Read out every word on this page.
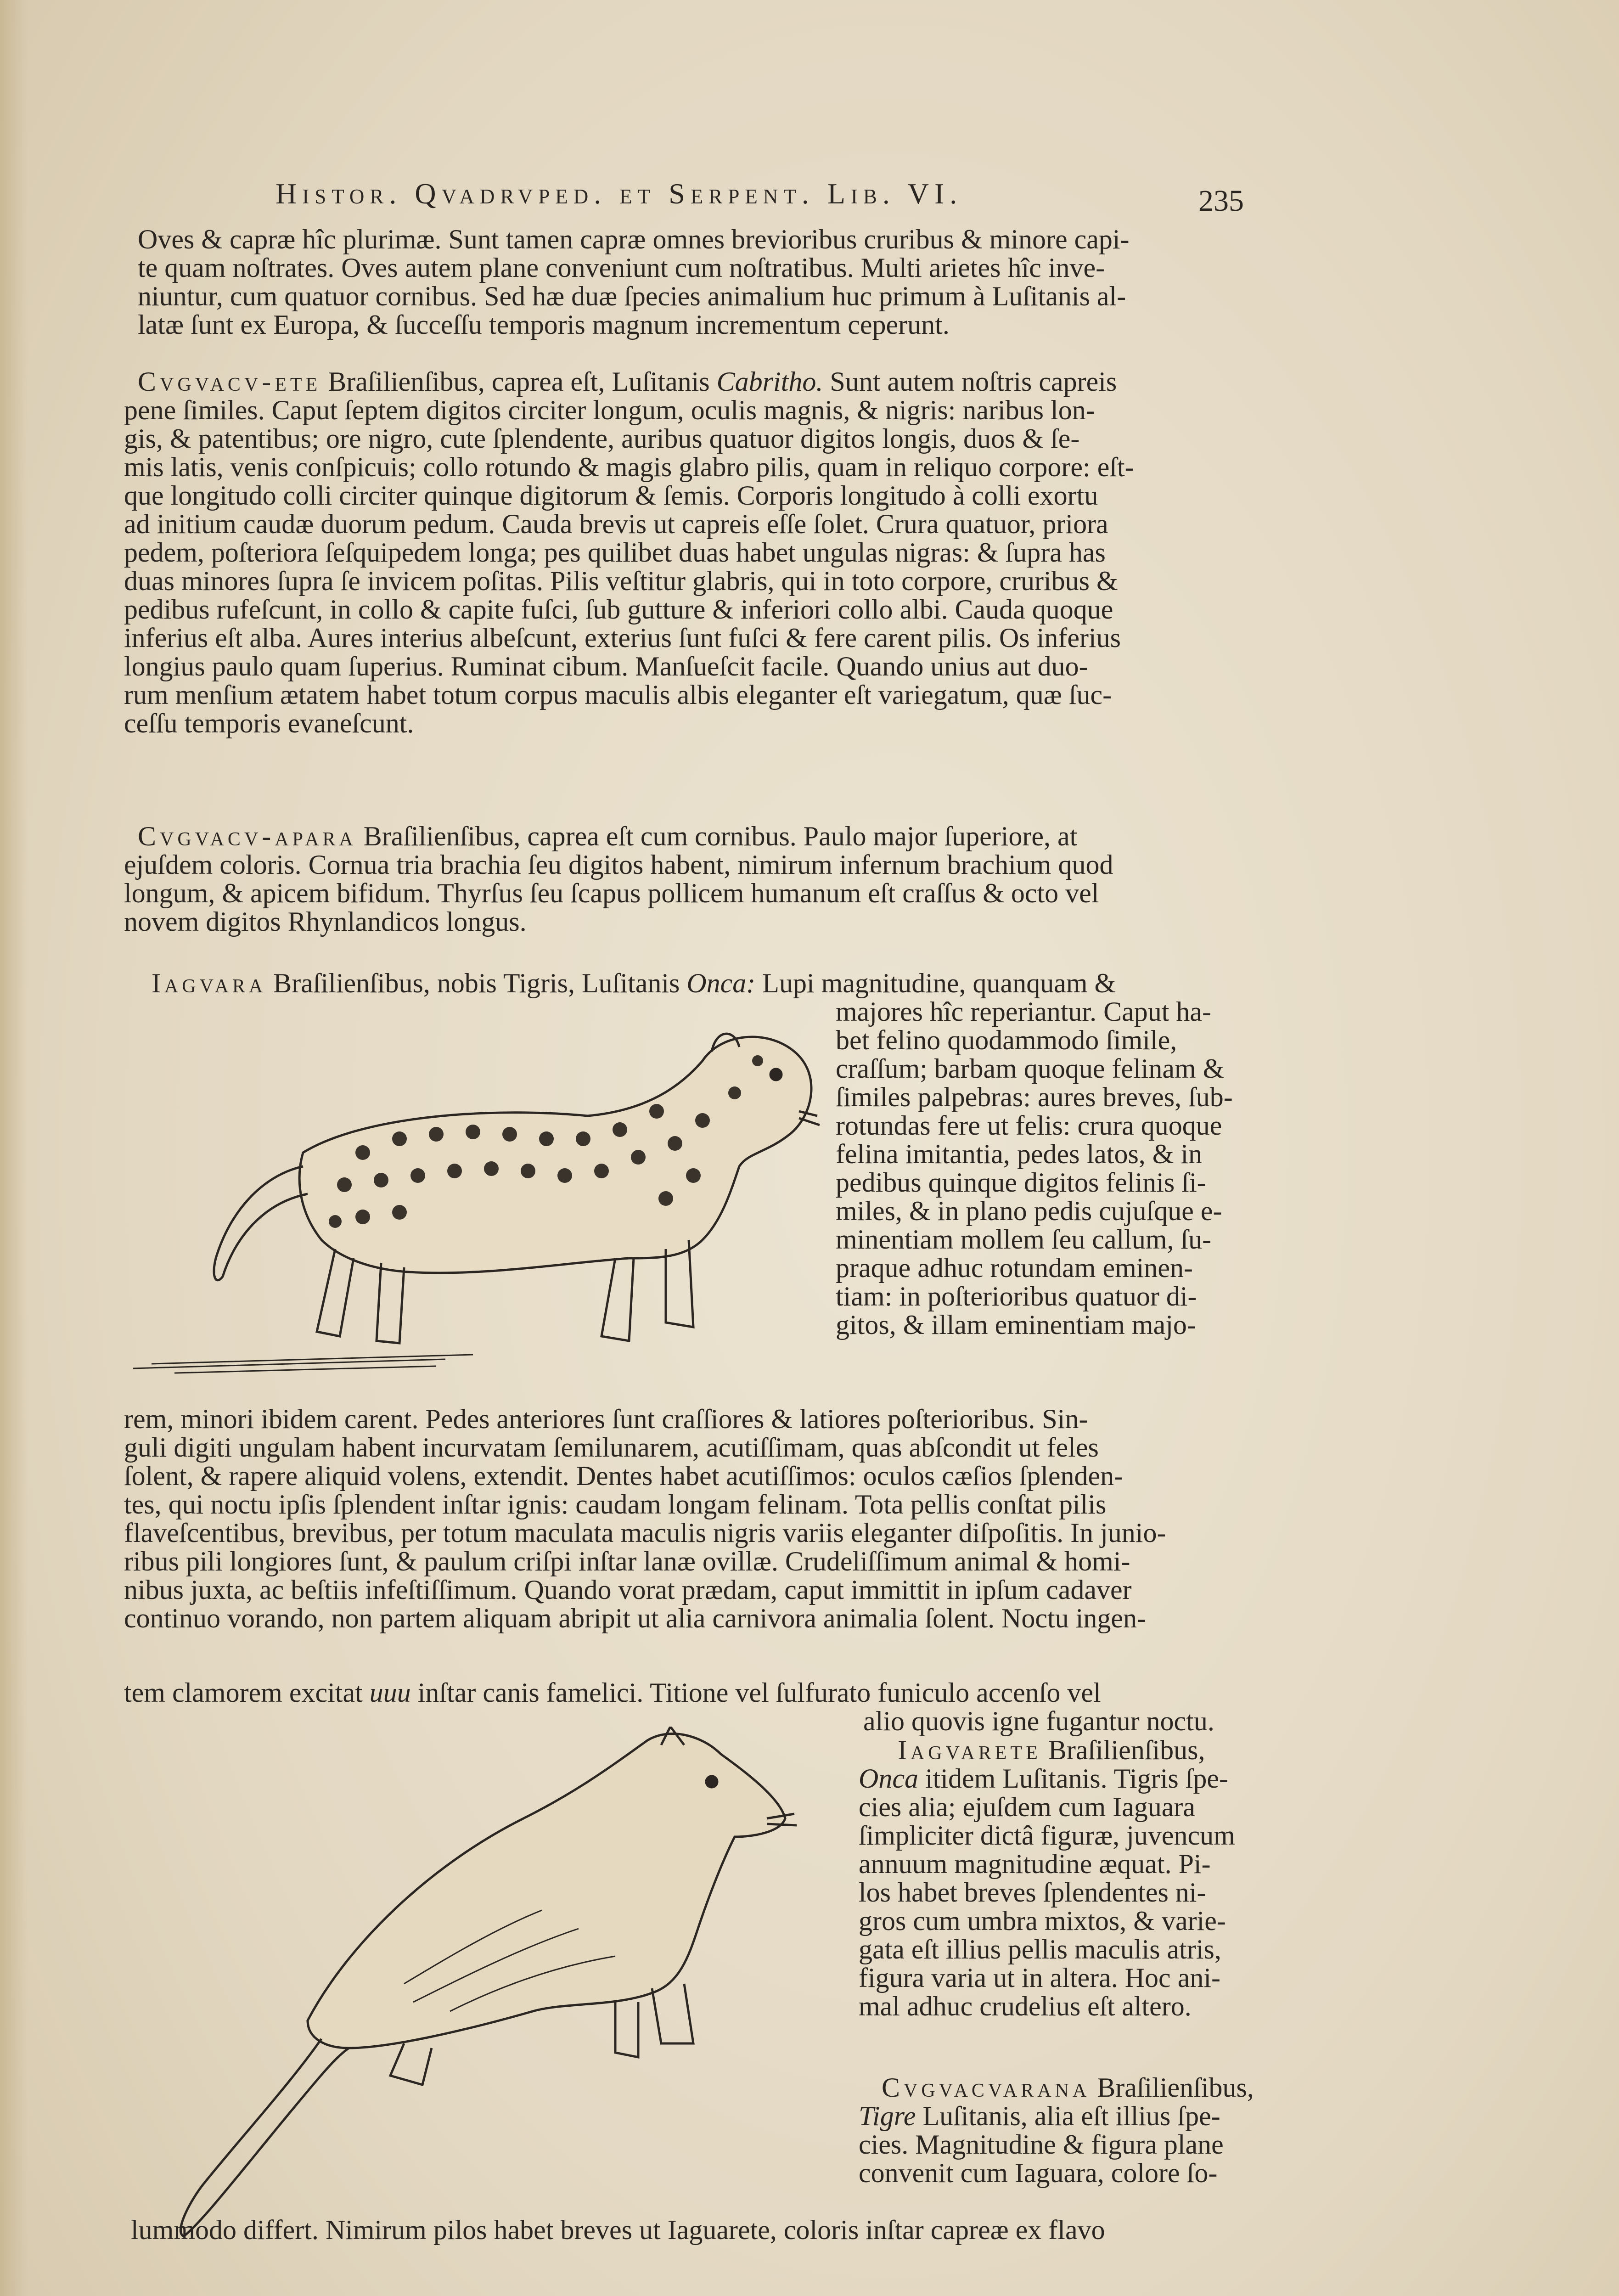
Histor. Qvadrvped. et Serpent. Lib. VI.	235
Oves & capræ hîc plurimæ. Sunt tamen capræ omnes brevioribus cruribus & minore capi-
te quam noſtrates. Oves autem plane conveniunt cum noſtratibus. Multi arietes hîc inve-
niuntur, cum quatuor cornibus. Sed hæ duæ ſpecies animalium huc primum à Luſitanis al-
latæ ſunt ex Europa, & ſucceſſu temporis magnum incrementum ceperunt.
Cvgvacv-ete Braſilienſibus, caprea eſt, Luſitanis Cabritho. Sunt autem noſtris capreis
pene ſimiles. Caput ſeptem digitos circiter longum, oculis magnis, & nigris: naribus lon-
gis, & patentibus; ore nigro, cute ſplendente, auribus quatuor digitos longis, duos & ſe-
mis latis, venis conſpicuis; collo rotundo & magis glabro pilis, quam in reliquo corpore: eſt-
que longitudo colli circiter quinque digitorum & ſemis. Corporis longitudo à colli exortu
ad initium caudæ duorum pedum. Cauda brevis ut capreis eſſe ſolet. Crura quatuor, priora
pedem, poſteriora ſeſquipedem longa; pes quilibet duas habet ungulas nigras: & ſupra has
duas minores ſupra ſe invicem poſitas. Pilis veſtitur glabris, qui in toto corpore, cruribus &
pedibus rufeſcunt, in collo & capite fuſci, ſub gutture & inferiori collo albi. Cauda quoque
inferius eſt alba. Aures interius albeſcunt, exterius ſunt fuſci & fere carent pilis. Os inferius
longius paulo quam ſuperius. Ruminat cibum. Manſueſcit facile. Quando unius aut duo-
rum menſium ætatem habet totum corpus maculis albis eleganter eſt variegatum, quæ ſuc-
ceſſu temporis evaneſcunt.
Cvgvacv-apara Braſilienſibus, caprea eſt cum cornibus. Paulo major ſuperiore, at
ejuſdem coloris. Cornua tria brachia ſeu digitos habent, nimirum infernum brachium quod
longum, & apicem bifidum. Thyrſus ſeu ſcapus pollicem humanum eſt craſſus & octo vel
novem digitos Rhynlandicos longus.
Iagvara Braſilienſibus, nobis Tigris, Luſitanis Onca: Lupi magnitudine, quanquam &
majores hîc reperiantur. Caput ha-
bet felino quodammodo ſimile,
craſſum; barbam quoque felinam &
ſimiles palpebras: aures breves, ſub-
rotundas fere ut felis: crura quoque
felina imitantia, pedes latos, & in
pedibus quinque digitos felinis ſi-
miles, & in plano pedis cujuſque e-
minentiam mollem ſeu callum, ſu-
praque adhuc rotundam eminen-
tiam: in poſterioribus quatuor di-
gitos, & illam eminentiam majo-
rem, minori ibidem carent. Pedes anteriores ſunt craſſiores & latiores poſterioribus. Sin-
guli digiti ungulam habent incurvatam ſemilunarem, acutiſſimam, quas abſcondit ut feles
ſolent, & rapere aliquid volens, extendit. Dentes habet acutiſſimos: oculos cæſios ſplenden-
tes, qui noctu ipſis ſplendent inſtar ignis: caudam longam felinam. Tota pellis conſtat pilis
flaveſcentibus, brevibus, per totum maculata maculis nigris variis eleganter diſpoſitis. In junio-
ribus pili longiores ſunt, & paulum criſpi inſtar lanæ ovillæ. Crudeliſſimum animal & homi-
nibus juxta, ac beſtiis infeſtiſſimum. Quando vorat prædam, caput immittit in ipſum cadaver
continuo vorando, non partem aliquam abripit ut alia carnivora animalia ſolent. Noctu ingen-
tem clamorem excitat uuu inſtar canis famelici. Titione vel ſulfurato funiculo accenſo vel
alio quovis igne fugantur noctu.
Iagvarete Braſilienſibus,
Onca itidem Luſitanis. Tigris ſpe-
cies alia; ejuſdem cum Iaguara
ſimpliciter dictâ figuræ, juvencum
annuum magnitudine æquat. Pi-
los habet breves ſplendentes ni-
gros cum umbra mixtos, & varie-
gata eſt illius pellis maculis atris,
figura varia ut in altera. Hoc ani-
mal adhuc crudelius eſt altero.
Cvgvacvarana Braſilienſibus,
Tigre Luſitanis, alia eſt illius ſpe-
cies. Magnitudine & figura plane
convenit cum Iaguara, colore ſo-
lummodo differt. Nimirum pilos habet breves ut Iaguarete, coloris inſtar capreæ ex flavo
